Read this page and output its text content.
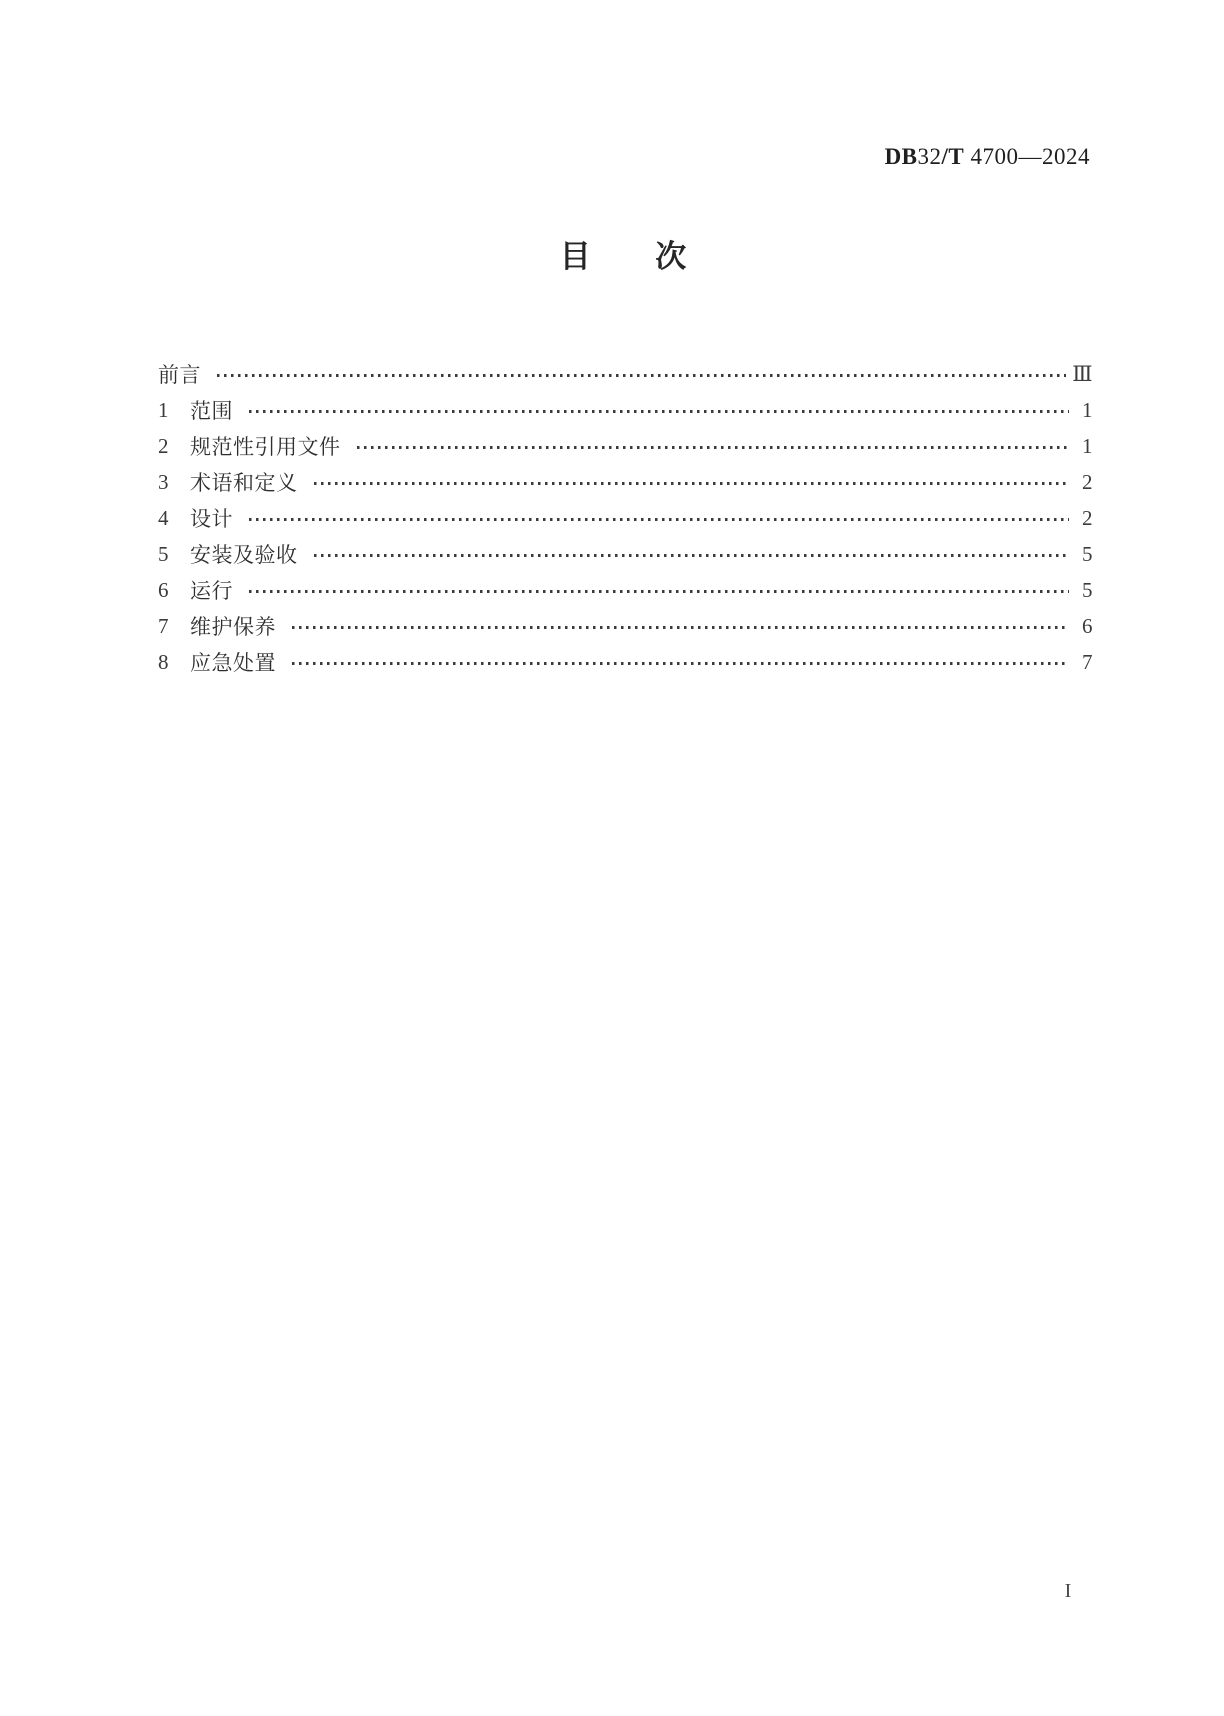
DB32/T 4700—2024
目 次
前言	Ⅲ
1	范围	1
2	规范性引用文件	1
3	术语和定义	2
4	设计	2
5	安装及验收	5
6	运行	5
7	维护保养	6
8	应急处置	7
I
